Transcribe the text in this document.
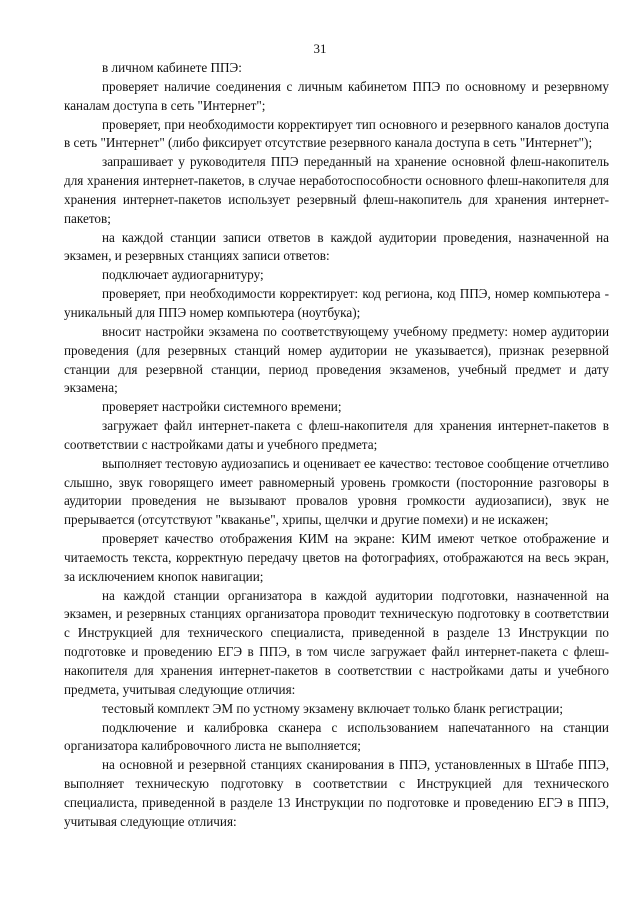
31

в личном кабинете ППЭ:

проверяет наличие соединения с личным кабинетом ППЭ по основному и резервному каналам доступа в сеть "Интернет";

проверяет, при необходимости корректирует тип основного и резервного каналов доступа в сеть "Интернет" (либо фиксирует отсутствие резервного канала доступа в сеть "Интернет");

запрашивает у руководителя ППЭ переданный на хранение основной флеш-накопитель для хранения интернет-пакетов, в случае неработоспособности основного флеш-накопителя для хранения интернет-пакетов использует резервный флеш-накопитель для хранения интернет-пакетов;

на каждой станции записи ответов в каждой аудитории проведения, назначенной на экзамен, и резервных станциях записи ответов:

подключает аудиогарнитуру;

проверяет, при необходимости корректирует: код региона, код ППЭ, номер компьютера - уникальный для ППЭ номер компьютера (ноутбука);

вносит настройки экзамена по соответствующему учебному предмету: номер аудитории проведения (для резервных станций номер аудитории не указывается), признак резервной станции для резервной станции, период проведения экзаменов, учебный предмет и дату экзамена;

проверяет настройки системного времени;

загружает файл интернет-пакета с флеш-накопителя для хранения интернет-пакетов в соответствии с настройками даты и учебного предмета;

выполняет тестовую аудиозапись и оценивает ее качество: тестовое сообщение отчетливо слышно, звук говорящего имеет равномерный уровень громкости (посторонние разговоры в аудитории проведения не вызывают провалов уровня громкости аудиозаписи), звук не прерывается (отсутствуют "кваканье", хрипы, щелчки и другие помехи) и не искажен;

проверяет качество отображения КИМ на экране: КИМ имеют четкое отображение и читаемость текста, корректную передачу цветов на фотографиях, отображаются на весь экран, за исключением кнопок навигации;

на каждой станции организатора в каждой аудитории подготовки, назначенной на экзамен, и резервных станциях организатора проводит техническую подготовку в соответствии с Инструкцией для технического специалиста, приведенной в разделе 13 Инструкции по подготовке и проведению ЕГЭ в ППЭ, в том числе загружает файл интернет-пакета с флеш-накопителя для хранения интернет-пакетов в соответствии с настройками даты и учебного предмета, учитывая следующие отличия:

тестовый комплект ЭМ по устному экзамену включает только бланк регистрации;

подключение и калибровка сканера с использованием напечатанного на станции организатора калибровочного листа не выполняется;

на основной и резервной станциях сканирования в ППЭ, установленных в Штабе ППЭ, выполняет техническую подготовку в соответствии с Инструкцией для технического специалиста, приведенной в разделе 13 Инструкции по подготовке и проведению ЕГЭ в ППЭ, учитывая следующие отличия:
